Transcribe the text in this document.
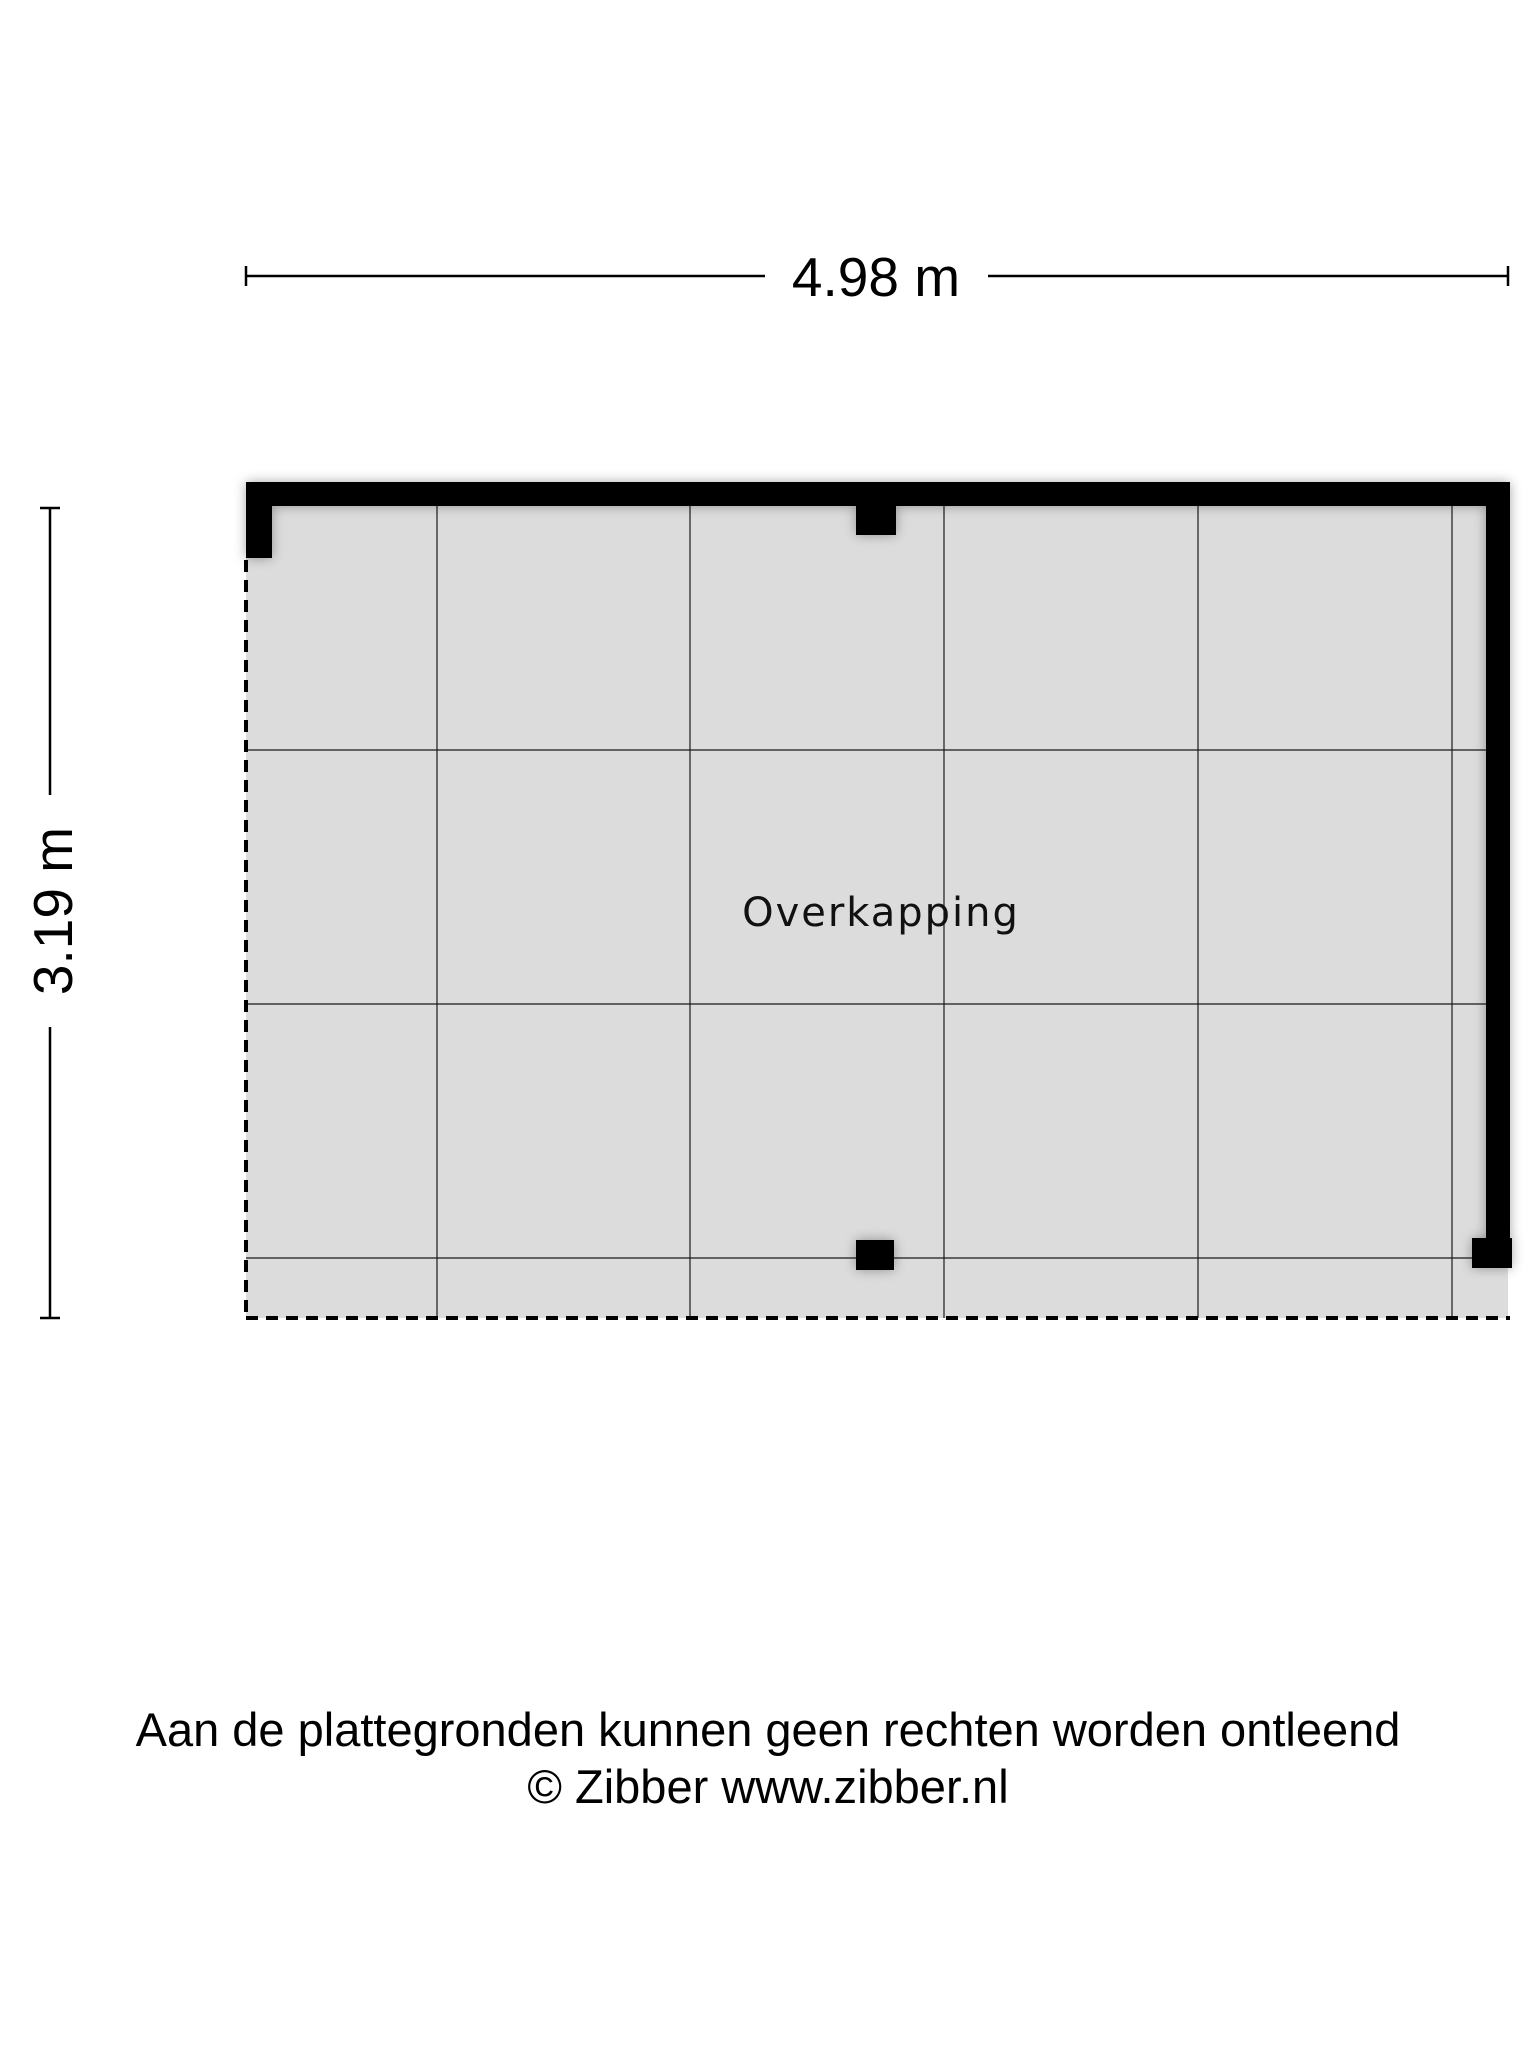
4.98 m
3.19 m	Overkapping
Aan de plattegronden kunnen geen rechten worden ontleend
© Zibber www.zibber.nl
